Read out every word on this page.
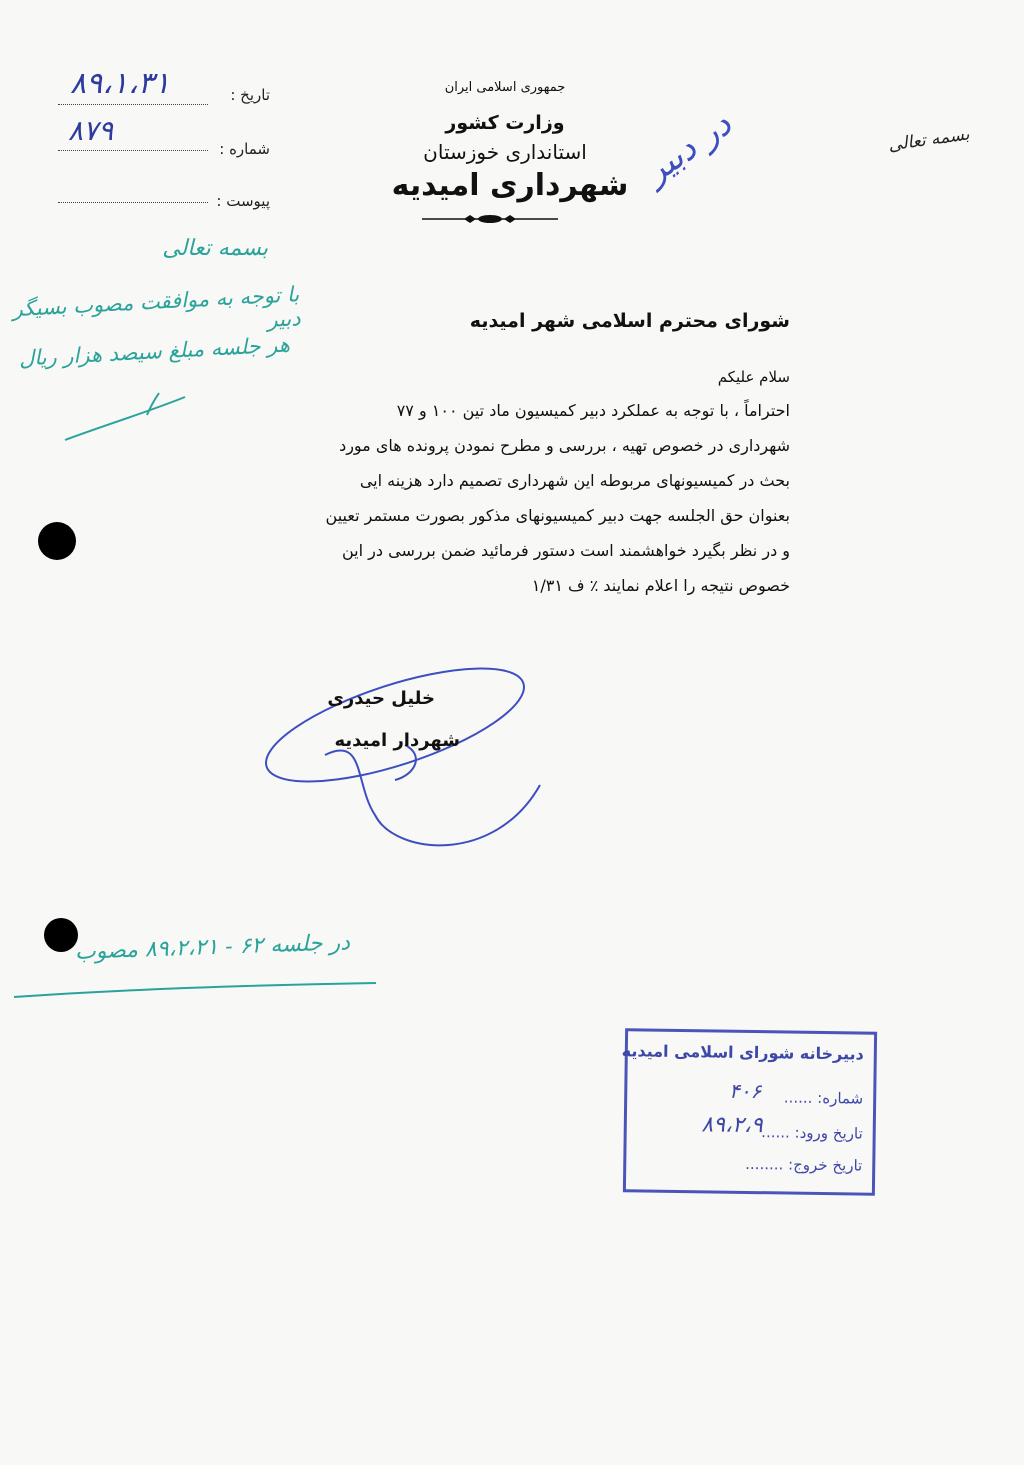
جمهوری اسلامی ایران
وزارت کشور
استانداری خوزستان
شهرداری امیدیه
تاریخ :
۸۹،۱،۳۱
شماره :
۸۷۹
پیوست :
بسمه تعالی
در دبیر
بسمه تعالی
با توجه به موافقت مصوب بسیگر دبیر
هر جلسه مبلغ سیصد هزار ریال
شورای محترم اسلامی شهر امیدیه
سلام علیکم
احتراماً ، با توجه به عملکرد دبیر کمیسیون ماد تین ۱۰۰ و ۷۷
شهرداری در خصوص تهیه ، بررسی و مطرح نمودن پرونده های مورد
بحث در کمیسیونهای مربوطه این شهرداری تصمیم دارد هزینه ایی
بعنوان حق الجلسه جهت دبیر کمیسیونهای مذکور بصورت مستمر تعیین
و در نظر بگیرد خواهشمند است دستور فرمائید ضمن بررسی در این
خصوص نتیجه را اعلام نمایند ٪ ف ۱/۳۱
خلیل حیدری
شهردار امیدیه
در جلسه ۶۲ - ۸۹،۲،۲۱ مصوب
دبیرخانه شورای اسلامی امیدیه
شماره: ......
۴۰۶
تاریخ ورود: ......
۸۹،۲،۹
تاریخ خروج: ........
